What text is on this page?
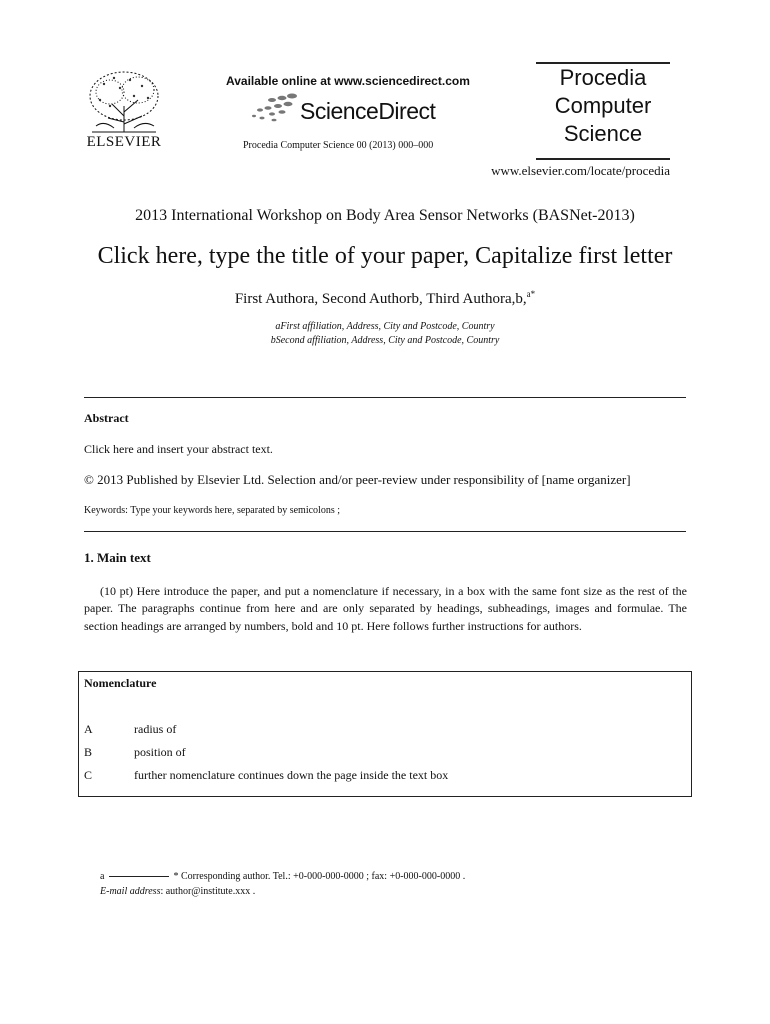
ELSEVIER
Available online at www.sciencedirect.com
ScienceDirect
Procedia Computer Science 00 (2013) 000–000
Procedia
Computer
Science
www.elsevier.com/locate/procedia
2013 International Workshop on Body Area Sensor Networks (BASNet-2013)
Click here, type the title of your paper, Capitalize first letter
First Authora, Second Authorb, Third Authora,b,$^{a*}$
aFirst affiliation, Address, City and Postcode, Country
bSecond affiliation, Address, City and Postcode, Country
Abstract
Click here and insert your abstract text.
© 2013 Published by Elsevier Ltd. Selection and/or peer-review under responsibility of [name organizer]
Keywords: Type your keywords here, separated by semicolons ;
1. Main text
(10 pt) Here introduce the paper, and put a nomenclature if necessary, in a box with the same font size as the rest of the paper. The paragraphs continue from here and are only separated by headings, subheadings, images and formulae. The section headings are arranged by numbers, bold and 10 pt. Here follows further instructions for authors.
Nomenclature
A	radius of
B	position of
C	further nomenclature continues down the page inside the text box
a	* Corresponding author. Tel.: +0-000-000-0000 ; fax: +0-000-000-0000 .
E-mail address: author@institute.xxx .
